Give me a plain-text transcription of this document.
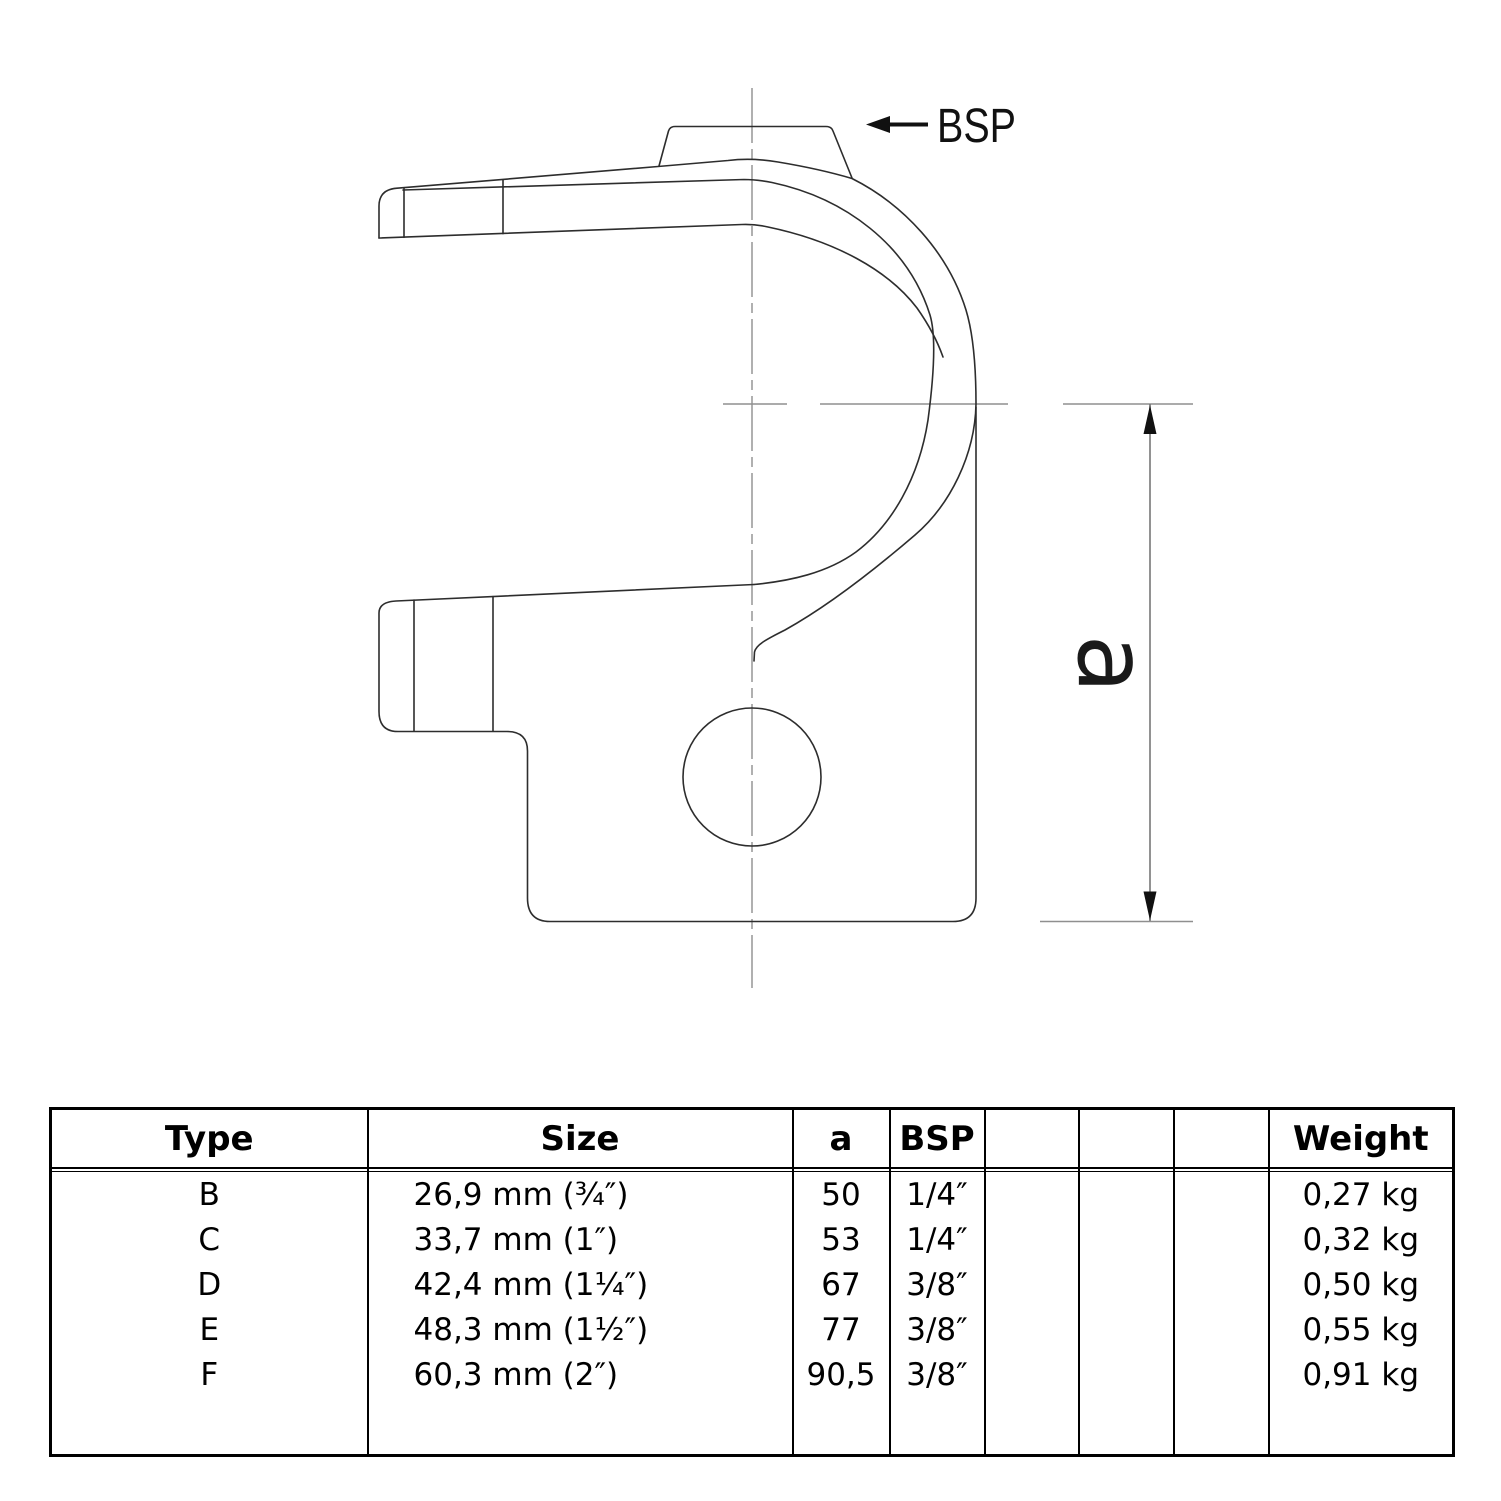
a
BSP
Type	Size	a	BSP				Weight

B	26,9 mm (¾″)	50	1/4″				0,27 kg
C	33,7 mm (1″)	53	1/4″				0,32 kg
D	42,4 mm (1¼″)	67	3/8″				0,50 kg
E	48,3 mm (1½″)	77	3/8″				0,55 kg
F	60,3 mm (2″)	90,5	3/8″				0,91 kg
